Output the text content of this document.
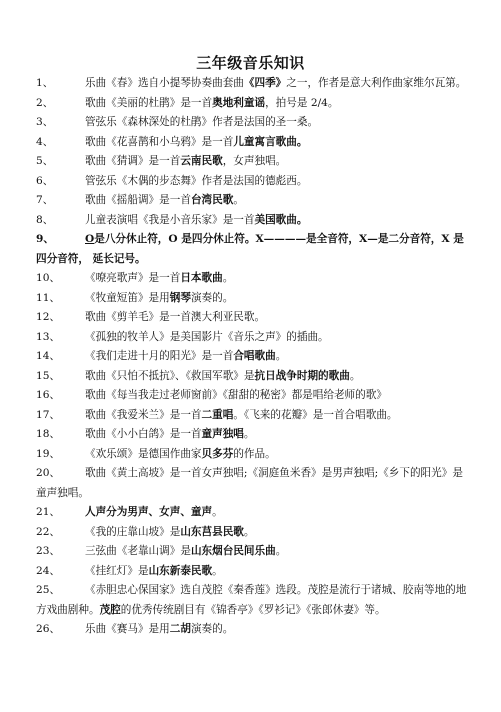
三年级音乐知识
1、	乐曲《春》选自小提琴协奏曲套曲《四季》之一，作者是意大利作曲家维尔瓦第。
2、	歌曲《美丽的杜鹃》是一首奥地利童谣，拍号是 2/4。
3、	管弦乐《森林深处的杜鹃》作者是法国的圣一桑。
4、	歌曲《花喜鹊和小乌鸦》是一首儿童寓言歌曲。
5、	歌曲《猜调》是一首云南民歌，女声独唱。
6、	管弦乐《木偶的步态舞》作者是法国的德彪西。
7、	歌曲《摇船调》是一首台湾民歌。
8、	儿童表演唱《我是小音乐家》是一首美国歌曲。
9、	O是八分休止符，O 是四分休止符。X————是全音符，X—是二分音符，X 是四分音符， 延长记号。
10、 《嘹亮歌声》是一首日本歌曲。
11、 《牧童短笛》是用钢琴演奏的。
12、 歌曲《剪羊毛》是一首澳大利亚民歌。
13、 《孤独的牧羊人》是美国影片《音乐之声》的插曲。
14、 《我们走进十月的阳光》是一首合唱歌曲。
15、 歌曲《只怕不抵抗》、《救国军歌》是抗日战争时期的歌曲。
16、 歌曲《每当我走过老师窗前》《甜甜的秘密》都是唱给老师的歌》
17、 歌曲《我爱米兰》是一首二重唱。《飞来的花瓣》是一首合唱歌曲。
18、 歌曲《小小白鸽》是一首童声独唱。
19、 《欢乐颂》是德国作曲家贝多芬的作品。
20、 歌曲《黄土高坡》是一首女声独唱;《洞庭鱼米香》是男声独唱;《乡下的阳光》是童声独唱。
21、 人声分为男声、女声、童声。
22、 《我的庄靠山坡》是山东莒县民歌。
23、 三弦曲《老靠山调》是山东烟台民间乐曲。
24、 《挂红灯》是山东新泰民歌。
25、 《赤胆忠心保国家》选自茂腔《秦香莲》选段。茂腔是流行于诸城、胶南等地的地方戏曲剧种。茂腔的优秀传统剧目有《锦香亭》《罗衫记》《张郎休妻》等。
26、 乐曲《赛马》是用二胡演奏的。
